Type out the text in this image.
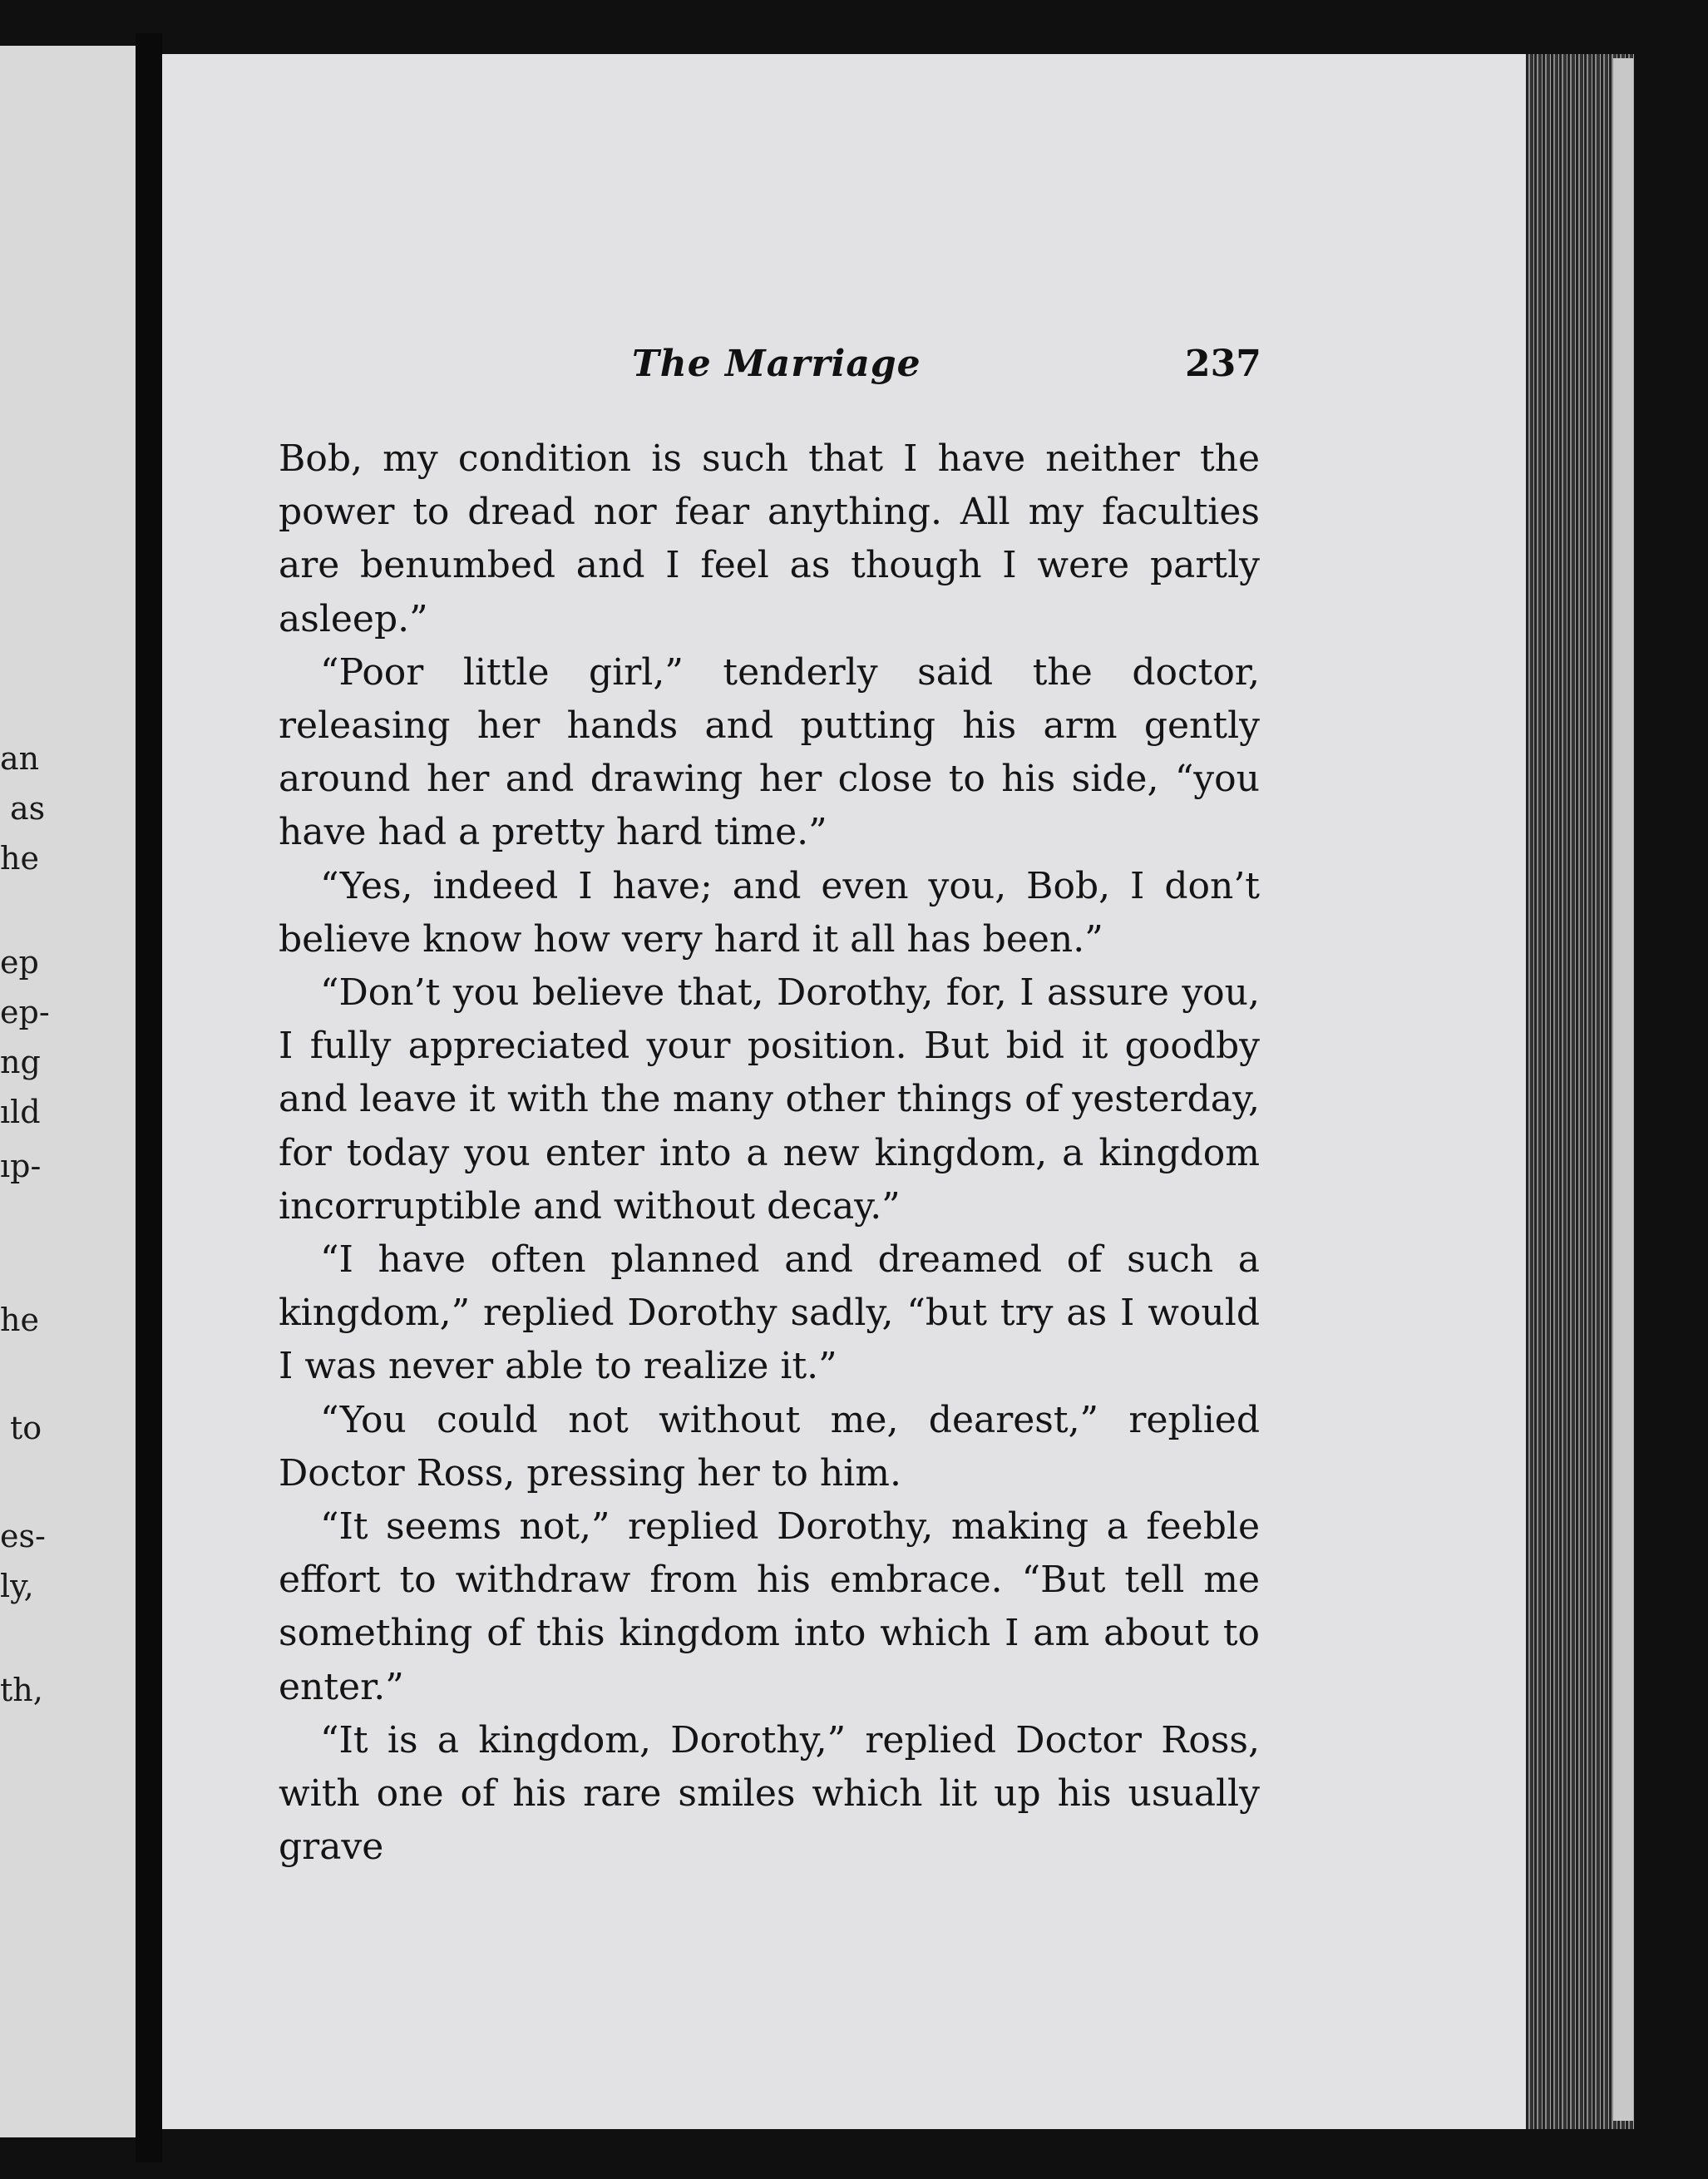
an
as
he
ep
ep-
ng
ıld
ıp-
he
to
es-
ly,
th,
The Marriage	237

Bob, my condition is such that I have neither the power to dread nor fear anything. All my faculties are benumbed and I feel as though I were partly asleep.”

“Poor little girl,” tenderly said the doctor, releasing her hands and putting his arm gently around her and drawing her close to his side, “you have had a pretty hard time.”

“Yes, indeed I have; and even you, Bob, I don’t believe know how very hard it all has been.”

“Don’t you believe that, Dorothy, for, I assure you, I fully appreciated your position. But bid it goodby and leave it with the many other things of yesterday, for today you enter into a new kingdom, a kingdom incorruptible and without decay.”

“I have often planned and dreamed of such a kingdom,” replied Dorothy sadly, “but try as I would I was never able to realize it.”

“You could not without me, dearest,” replied Doctor Ross, pressing her to him.

“It seems not,” replied Dorothy, making a feeble effort to withdraw from his embrace. “But tell me something of this kingdom into which I am about to enter.”

“It is a kingdom, Dorothy,” replied Doctor Ross, with one of his rare smiles which lit up his usually grave
